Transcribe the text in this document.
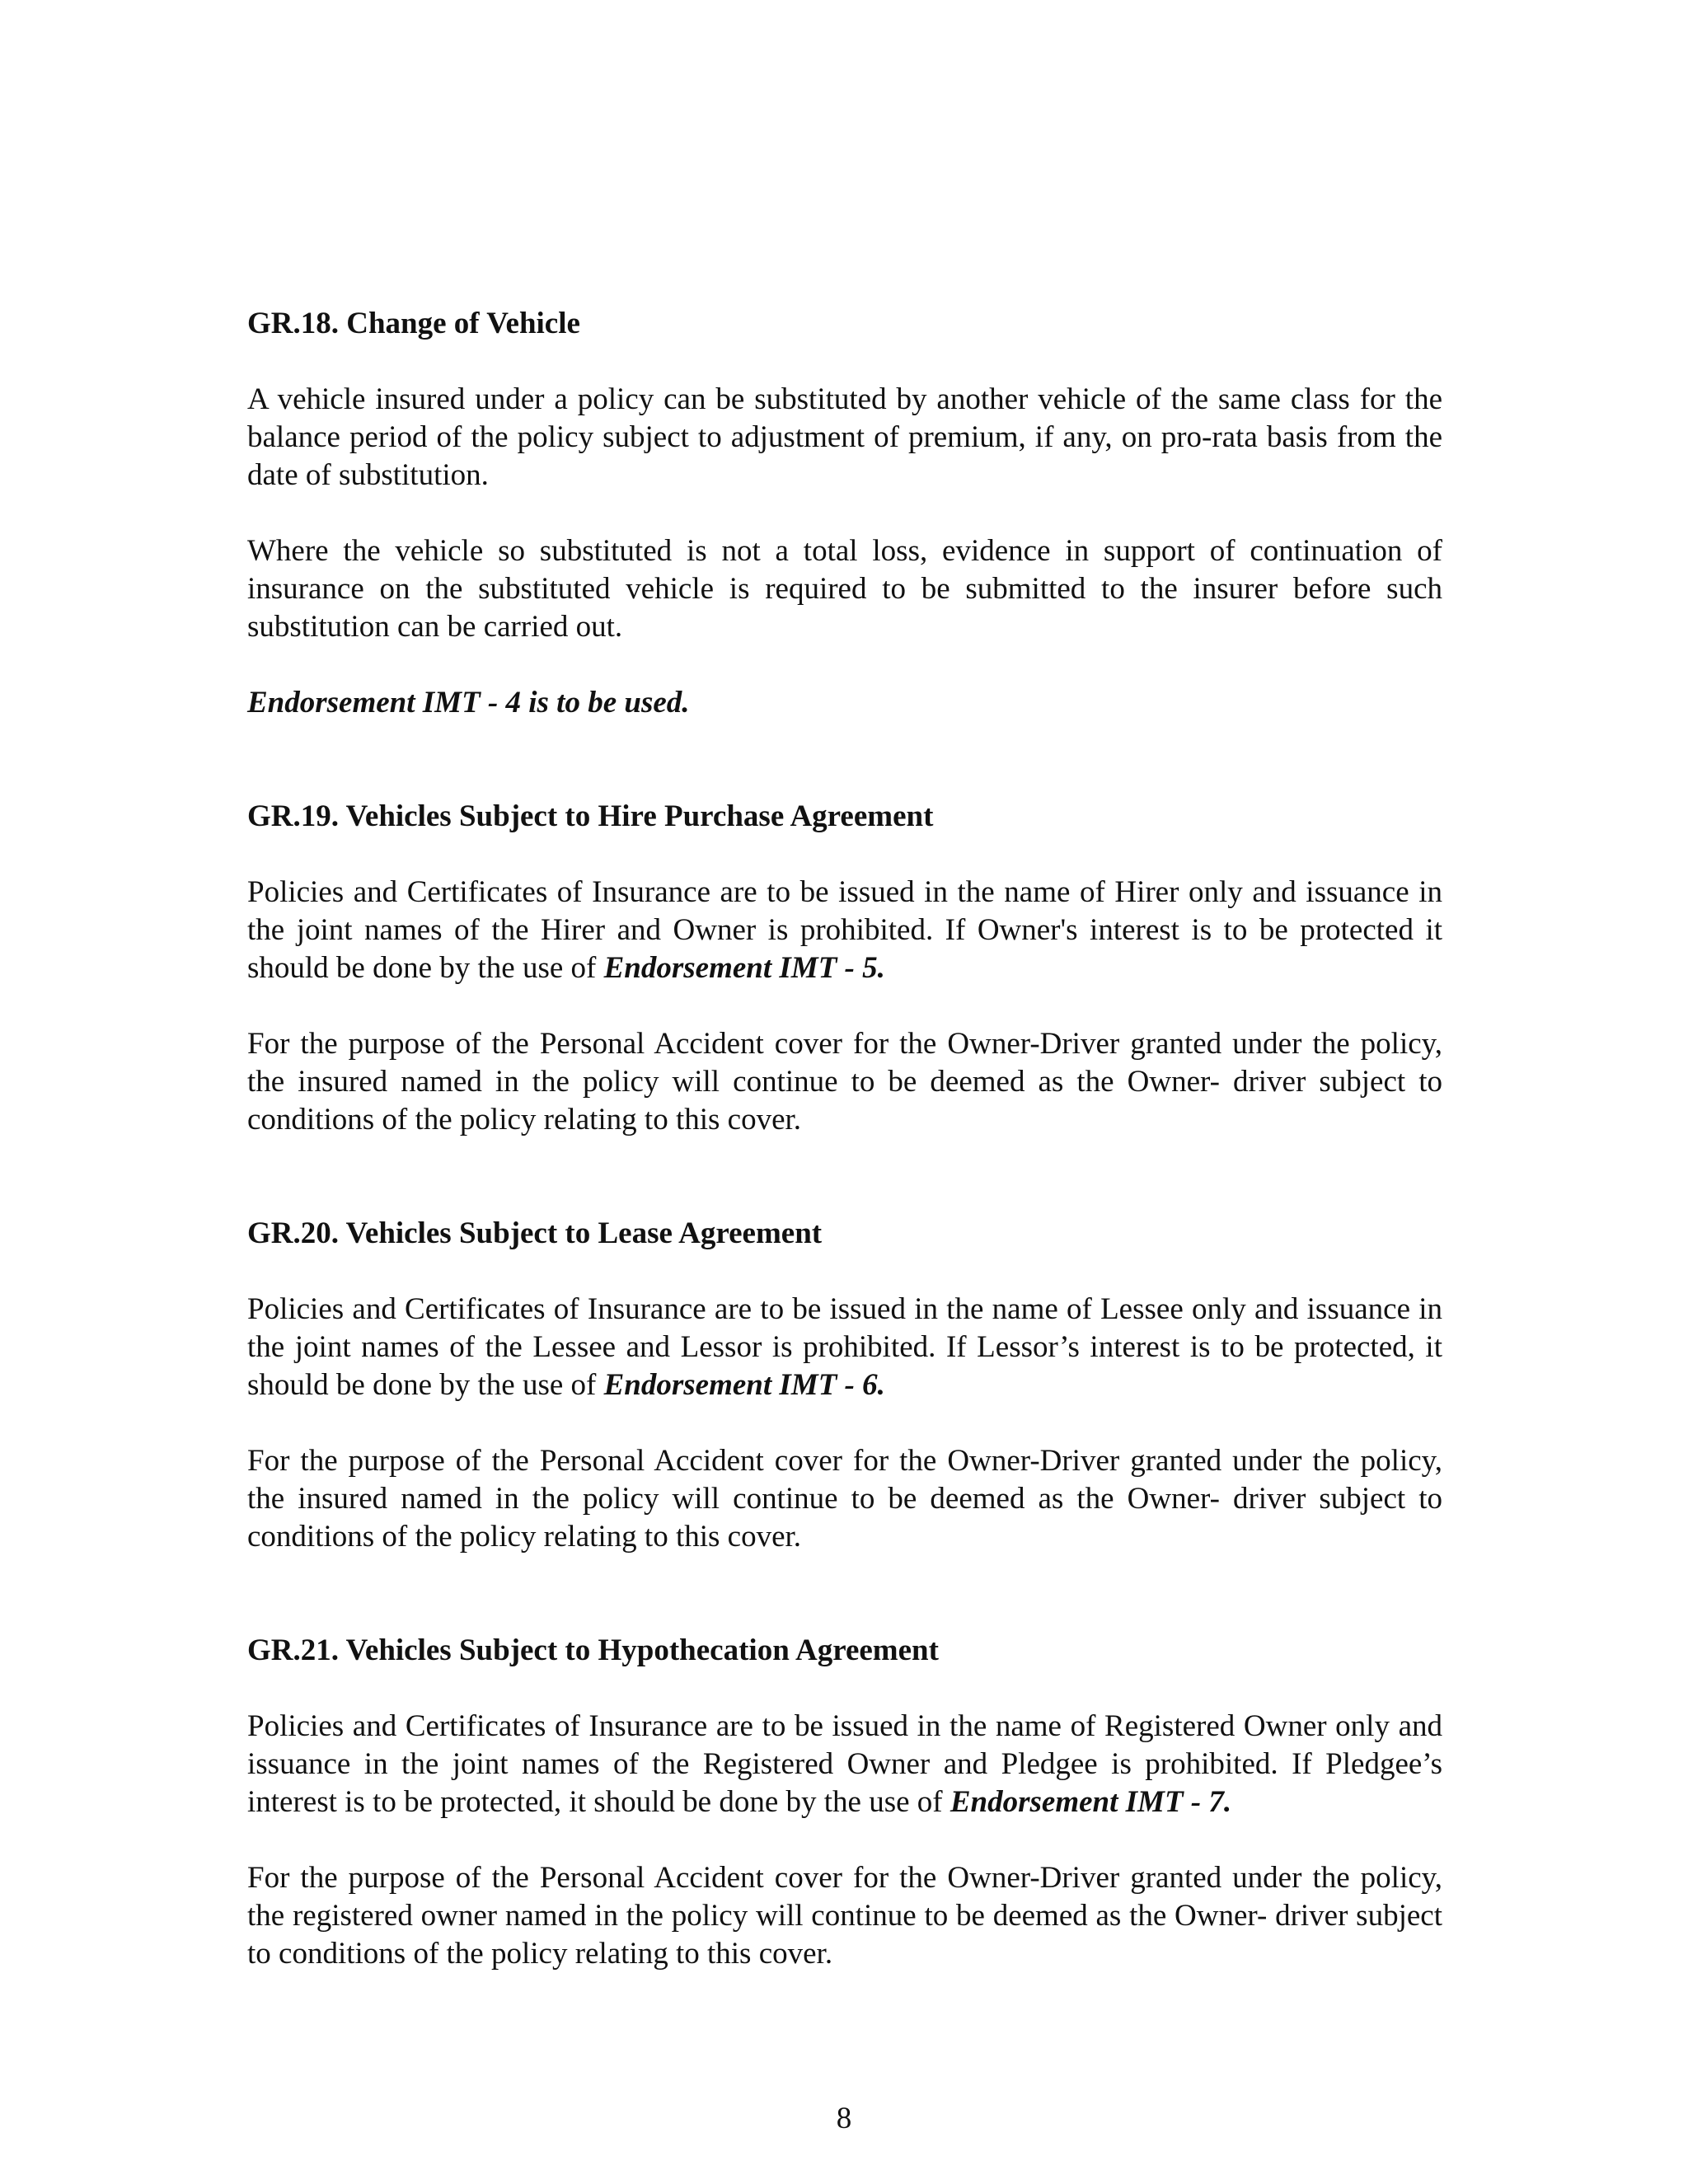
GR.18. Change of Vehicle

A vehicle insured under a policy can be substituted by another vehicle of the same class for the balance period of the policy subject to adjustment of premium, if any, on pro-rata basis from the date of substitution.

Where the vehicle so substituted is not a total loss, evidence in support of continuation of insurance on the substituted vehicle is required to be submitted to the insurer before such substitution can be carried out.

Endorsement IMT - 4 is to be used.

GR.19. Vehicles Subject to Hire Purchase Agreement

Policies and Certificates of Insurance are to be issued in the name of Hirer only and issuance in the joint names of the Hirer and Owner is prohibited. If Owner's interest is to be protected it should be done by the use of Endorsement IMT - 5.

For the purpose of the Personal Accident cover for the Owner-Driver granted under the policy, the insured named in the policy will continue to be deemed as the Owner- driver subject to conditions of the policy relating to this cover.

GR.20. Vehicles Subject to Lease Agreement

Policies and Certificates of Insurance are to be issued in the name of Lessee only and issuance in the joint names of the Lessee and Lessor is prohibited. If Lessor’s interest is to be protected, it should be done by the use of Endorsement IMT - 6.

For the purpose of the Personal Accident cover for the Owner-Driver granted under the policy, the insured named in the policy will continue to be deemed as the Owner- driver subject to conditions of the policy relating to this cover.

GR.21. Vehicles Subject to Hypothecation Agreement

Policies and Certificates of Insurance are to be issued in the name of Registered Owner only and issuance in the joint names of the Registered Owner and Pledgee is prohibited. If Pledgee’s interest is to be protected, it should be done by the use of Endorsement IMT - 7.

For the purpose of the Personal Accident cover for the Owner-Driver granted under the policy, the registered owner named in the policy will continue to be deemed as the Owner- driver subject to conditions of the policy relating to this cover.

8
